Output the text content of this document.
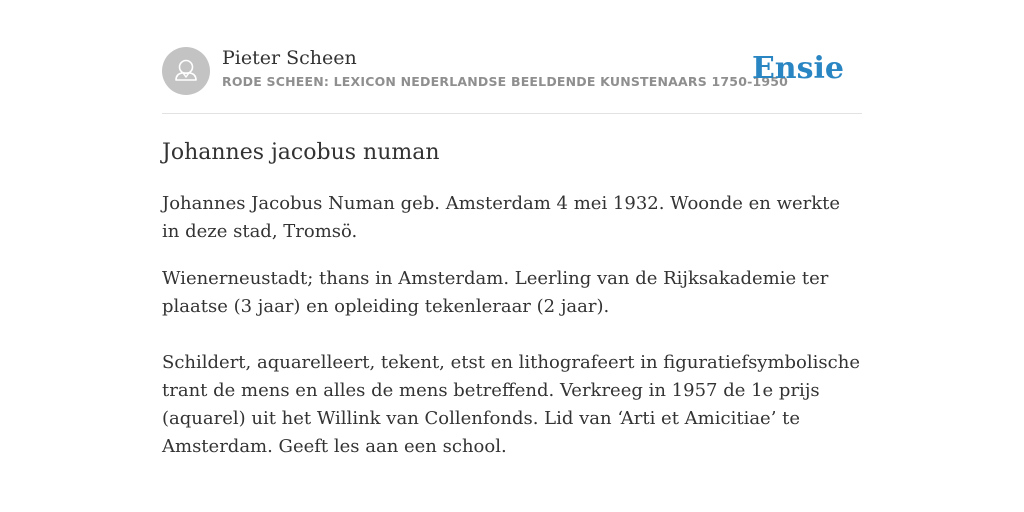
Pieter Scheen
RODE SCHEEN: LEXICON NEDERLANDSE BEELDENDE KUNSTENAARS 1750-1950
Ensie
Johannes jacobus numan

Johannes Jacobus Numan geb. Amsterdam 4 mei 1932. Woonde en werkte in deze stad, Tromsö.

Wienerneustadt; thans in Amsterdam. Leerling van de Rijksakademie ter plaatse (3 jaar) en opleiding tekenleraar (2 jaar).

Schildert, aquarelleert, tekent, etst en lithografeert in figuratiefsymbolische trant de mens en alles de mens betreffend. Verkreeg in 1957 de 1e prijs (aquarel) uit het Willink van Collenfonds. Lid van ‘Arti et Amicitiae’ te Amsterdam. Geeft les aan een school.
